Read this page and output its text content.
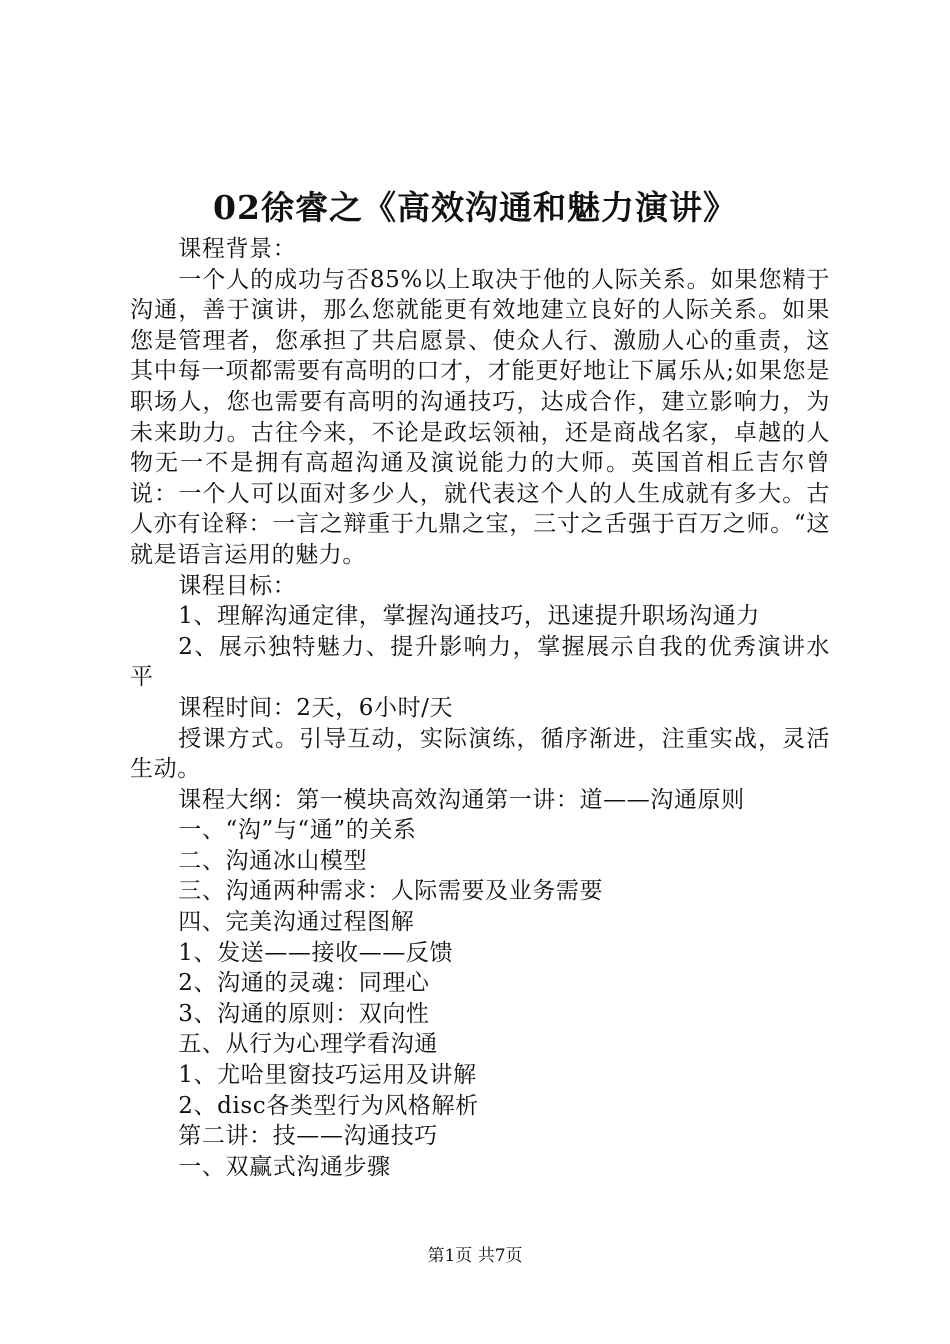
02徐睿之《高效沟通和魅力演讲》

课程背景：

一个人的成功与否85%以上取决于他的人际关系。如果您精于沟通，善于演讲，那么您就能更有效地建立良好的人际关系。如果您是管理者，您承担了共启愿景、使众人行、激励人心的重责，这其中每一项都需要有高明的口才，才能更好地让下属乐从;如果您是职场人，您也需要有高明的沟通技巧，达成合作，建立影响力，为未来助力。古往今来，不论是政坛领袖，还是商战名家，卓越的人物无一不是拥有高超沟通及演说能力的大师。英国首相丘吉尔曾说：一个人可以面对多少人，就代表这个人的人生成就有多大。古人亦有诠释：一言之辩重于九鼎之宝，三寸之舌强于百万之师。“这就是语言运用的魅力。

课程目标：

1、理解沟通定律，掌握沟通技巧，迅速提升职场沟通力

2、展示独特魅力、提升影响力，掌握展示自我的优秀演讲水平

课程时间：2天，6小时/天

授课方式。引导互动，实际演练，循序渐进，注重实战，灵活生动。

课程大纲：第一模块高效沟通第一讲：道——沟通原则

一、“沟”与“通”的关系

二、沟通冰山模型

三、沟通两种需求：人际需要及业务需要

四、完美沟通过程图解

1、发送——接收——反馈

2、沟通的灵魂：同理心

3、沟通的原则：双向性

五、从行为心理学看沟通

1、尤哈里窗技巧运用及讲解

2、disc各类型行为风格解析

第二讲：技——沟通技巧

一、双赢式沟通步骤

第1页 共7页
